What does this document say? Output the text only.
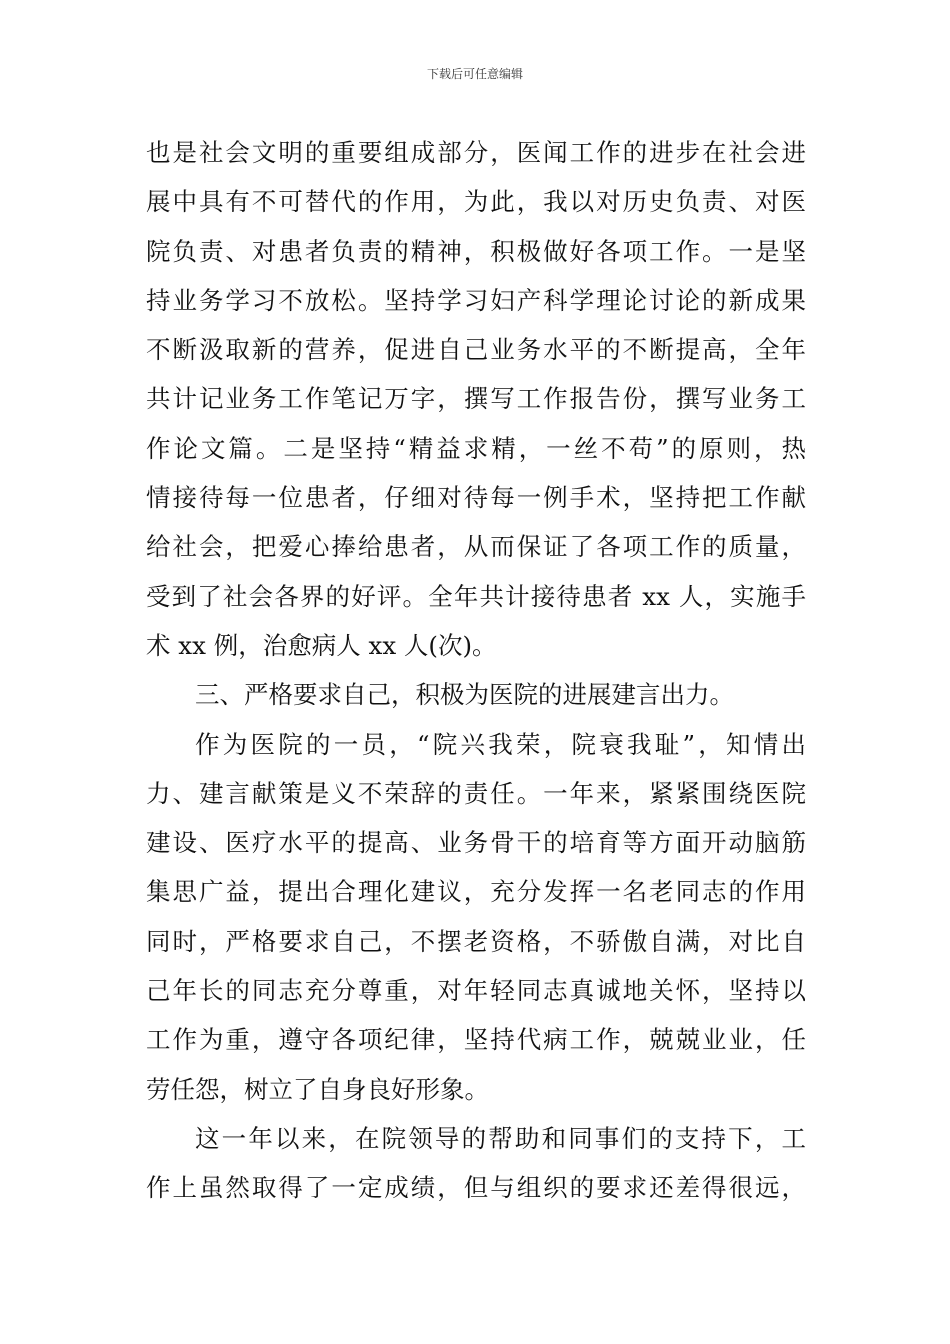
下载后可任意编辑
也是社会文明的重要组成部分，医闻工作的进步在社会进
展中具有不可替代的作用，为此，我以对历史负责、对医
院负责、对患者负责的精神，积极做好各项工作。一是坚
持业务学习不放松。坚持学习妇产科学理论讨论的新成果
不断汲取新的营养，促进自己业务水平的不断提高，全年
共计记业务工作笔记万字，撰写工作报告份，撰写业务工
作论文篇。二是坚持“精益求精，一丝不苟”的原则，热
情接待每一位患者，仔细对待每一例手术，坚持把工作献
给社会，把爱心捧给患者，从而保证了各项工作的质量，
受到了社会各界的好评。全年共计接待患者 xx 人，实施手
术 xx 例，治愈病人 xx 人(次)。
三、严格要求自己，积极为医院的进展建言出力。
作为医院的一员，“院兴我荣，院衰我耻”，知情出
力、建言献策是义不荣辞的责任。一年来，紧紧围绕医院
建设、医疗水平的提高、业务骨干的培育等方面开动脑筋
集思广益，提出合理化建议，充分发挥一名老同志的作用
同时，严格要求自己，不摆老资格，不骄傲自满，对比自
己年长的同志充分尊重，对年轻同志真诚地关怀，坚持以
工作为重，遵守各项纪律，坚持代病工作，兢兢业业，任
劳任怨，树立了自身良好形象。
这一年以来，在院领导的帮助和同事们的支持下，工
作上虽然取得了一定成绩，但与组织的要求还差得很远，
